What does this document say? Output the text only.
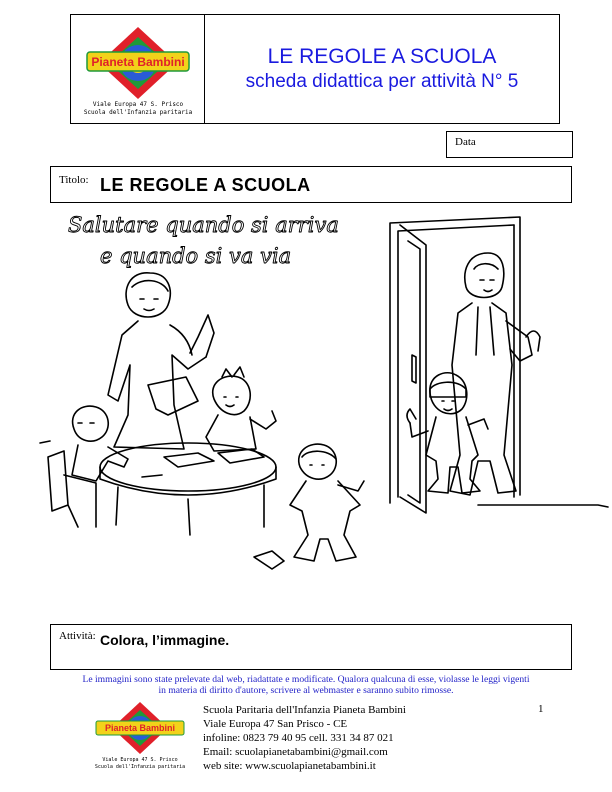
Pianeta Bambini
Viale Europa 47 S. Prisco
Scuola dell'Infanzia paritaria
LE REGOLE A SCUOLA
scheda didattica per attività N° 5
Data
Titolo: LE REGOLE A SCUOLA
Salutare quando si arriva
e quando si va via
Attività: Colora, l’immagine.
Le immagini sono state prelevate dal web, riadattate e modificate. Qualora qualcuna di esse, violasse le leggi vigenti
in materia di diritto d'autore, scrivere al webmaster e saranno subito rimosse.
Pianeta Bambini
Viale Europa 47 S. Prisco
Scuola dell'Infanzia paritaria
Scuola Paritaria dell'Infanzia Pianeta Bambini
Viale Europa 47 San Prisco - CE
infoline: 0823 79 40 95 cell. 331 34 87 021
Email: scuolapianetabambini@gmail.com
web site: www.scuolapianetabambini.it
1
